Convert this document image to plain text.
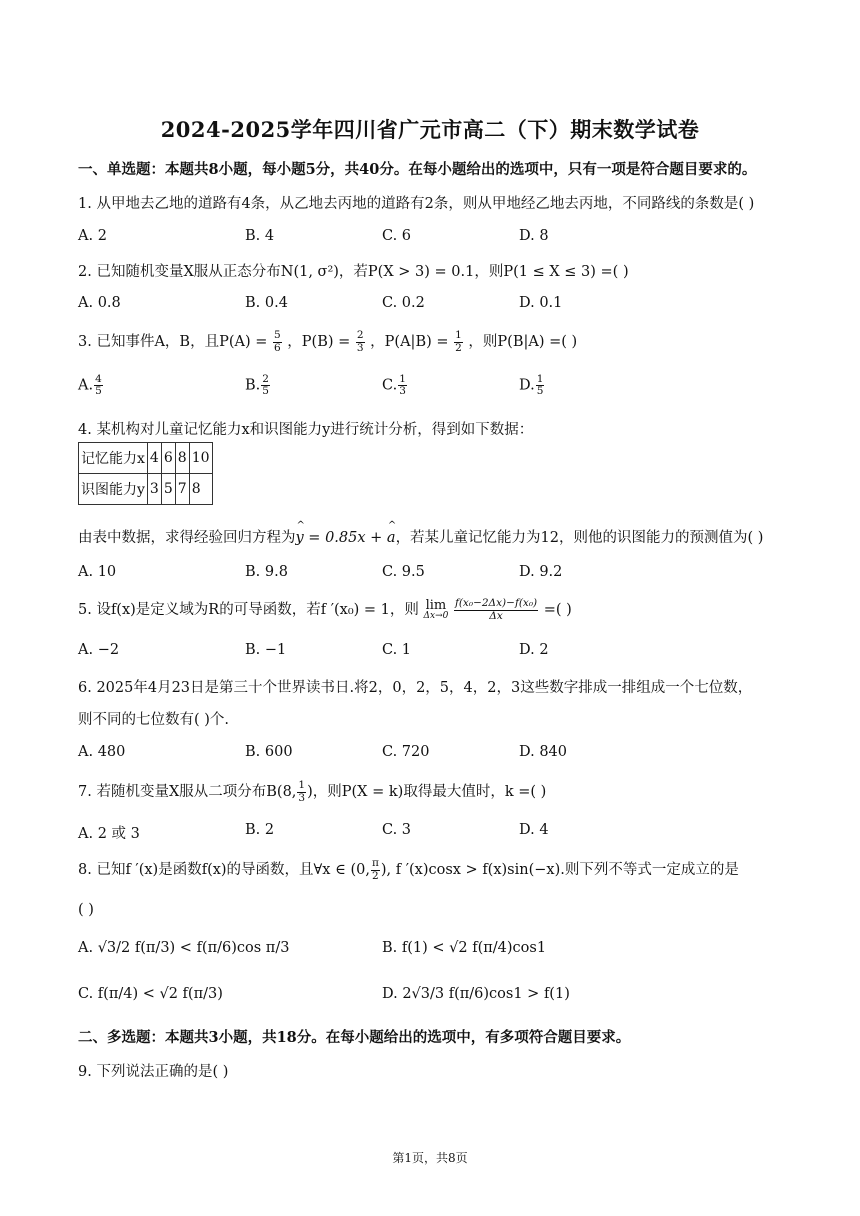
2024-2025学年四川省广元市高二（下）期末数学试卷
一、单选题：本题共8小题，每小题5分，共40分。在每小题给出的选项中，只有一项是符合题目要求的。
1. 从甲地去乙地的道路有4条，从乙地去丙地的道路有2条，则从甲地经乙地去丙地，不同路线的条数是( )
A. 2	B. 4	C. 6	D. 8
2. 已知随机变量X服从正态分布N(1, σ²)，若P(X > 3) = 0.1，则P(1 ≤ X ≤ 3) =( )
A. 0.8	B. 0.4	C. 0.2	D. 0.1
3. 已知事件A，B，且$P(A) = \frac{5}{6}$ ，$P(B) = \frac{2}{3}$ ，$P(A|B) = \frac{1}{2}$ ，则P(B|A) =( )
A. $\frac{4}{5}$	B. $\frac{2}{5}$	C. $\frac{1}{3}$	D. $\frac{1}{5}$
4. 某机构对儿童记忆能力x和识图能力y进行统计分析，得到如下数据：
记忆能力x	4	6	8	10
识图能力y	3	5	7	8
由表中数据，求得经验回归方程为^ y = 0.85x + ^ a，若某儿童记忆能力为12，则他的识图能力的预测值为( )
A. 10	B. 9.8	C. 9.5	D. 9.2
5. 设f(x)是定义域为R的可导函数，若f ′(x₀) = 1，则 lim
Δx→0
$\frac{\text{f(x₀−2Δx)−f(x₀)}}{\Delta x}$ =( )
A. −2	B. −1	C. 1	D. 2
6. 2025年4月23日是第三十个世界读书日.将2，0，2，5，4，2，3这些数字排成一排组成一个七位数，
则不同的七位数有( )个.
A. 480	B. 600	C. 720	D. 840
7. 若随机变量X服从二项分布B(8, $\frac{1}{3}$ )，则P(X = k)取得最大值时，k =( )
A. 2 或 3	B. 2	C. 3	D. 4
8. 已知f ′(x)是函数f(x)的导函数，且∀x ∈ (0, $\frac{\pi}{2}$ ), f ′(x)cosx > f(x)sin(−x).则下列不等式一定成立的是
( )
A. √3/2 f(π/3) < f(π/6)cos π/3	B. f(1) < √2 f(π/4)cos1
C. f(π/4) < √2 f(π/3)	D. 2√3/3 f(π/6)cos1 > f(1)
二、多选题：本题共3小题，共18分。在每小题给出的选项中，有多项符合题目要求。
9. 下列说法正确的是( )
第1页，共8页
